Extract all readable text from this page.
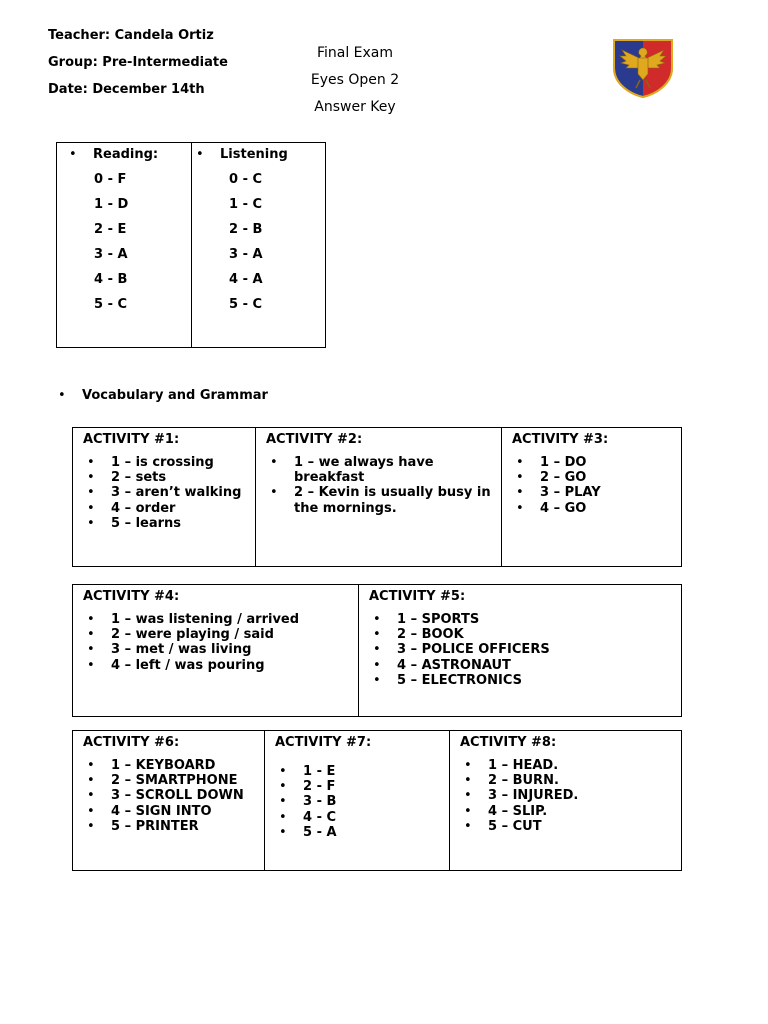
Teacher: Candela Ortiz
Group: Pre-Intermediate
Date: December 14th
Final Exam
Eyes Open 2
Answer Key
• Reading:
0 - F
1 - D
2 - E
3 - A
4 - B
5 - C
• Listening
0 - C
1 - C
2 - B
3 - A
4 - A
5 - C
• Vocabulary and Grammar
ACTIVITY #1:
• 1 – is crossing
• 2 – sets
• 3 – aren’t walking
• 4 – order
• 5 – learns
ACTIVITY #2:
• 1 – we always have breakfast
• 2 – Kevin is usually busy in the mornings.
ACTIVITY #3:
• 1 – DO
• 2 – GO
• 3 – PLAY
• 4 – GO
ACTIVITY #4:
• 1 – was listening / arrived
• 2 – were playing / said
• 3 – met / was living
• 4 – left / was pouring
ACTIVITY #5:
• 1 – SPORTS
• 2 – BOOK
• 3 – POLICE OFFICERS
• 4 – ASTRONAUT
• 5 – ELECTRONICS
ACTIVITY #6:
• 1 – KEYBOARD
• 2 – SMARTPHONE
• 3 – SCROLL DOWN
• 4 – SIGN INTO
• 5 – PRINTER
ACTIVITY #7:
• 1 - E
• 2 - F
• 3 - B
• 4 - C
• 5 - A
ACTIVITY #8:
• 1 – HEAD.
• 2 – BURN.
• 3 – INJURED.
• 4 – SLIP.
• 5 – CUT
